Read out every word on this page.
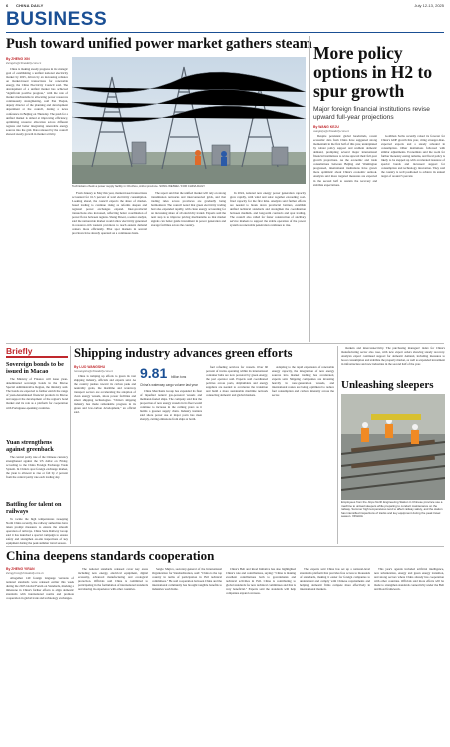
6 CHINA DAILY	July 12-13, 2025
BUSINESS
Push toward unified power market gathers steam
By ZHENG XIN
zhengxin@chinadaily.com.cn

China is making steady progress in its strategic goal of establishing a unified national electricity market by 2025, driven by an increasing reliance on market-based transactions for renewable energy, the China Electricity Council said. The development of a unified market has achieved "significant positive progress," with the role of market mechanisms in allocating power resources continuously strengthening, said Pan Yuejun, deputy director of the planning and development department at the council, during a news conference in Beijing on Thursday. The push for a unified market is aimed at improving efficiency, optimizing resource allocation across different regions and better integrating renewable energy sources into the grid. Data released by the council showed steady growth in market activity.

Technicians check a power supply facility in Chuzhou, Anhui province. SONG WEIWEI / FOR CHINA DAILY

From January to May this year, market-based transactions accounted for 61.5 percent of total electricity consumption. Looking ahead, the council expects the share of market-based trading to continue rising as reforms deepen and regional power exchanges expand. Inter-provincial transactions also increased, reflecting better coordination of power flows between regions. Shang Dawei, a senior analyst, said the nationwide market would allow electricity generated in resource-rich western provinces to reach eastern demand centers more efficiently. Pilot spot markets in several provinces have already operated on a continuous basis.

The report said that the unified market will rely on strong transmission networks and interconnected grids, and that trading rules across provinces are gradually being harmonized. The council noted that green electricity trading had also expanded rapidly, with clean energy accounting for an increasing share of all electricity traded. Experts said the next step is to improve pricing mechanisms so that market signals can better guide investment in power generation and storage facilities across the country.

In 2024, national new energy power generation capacity grew rapidly, with wind and solar together exceeding coal-fired capacity for the first time. Analysts said further efforts are needed to break down provincial barriers, establish unified technical standards and strengthen the coordination between medium- and long-term contracts and spot trading. The council also called for faster construction of ancillary service markets to support the stable operation of the power system as renewable penetration continues to rise.

More policy options in H2 to spur growth
Major foreign financial institutions revise upward full-year projections
By WANG KEJU
wangkeju@chinadaily.com.cn

Despite persistent global headwinds, recent economic data from China have suggested strong momentum in the first half of this year, underpinned by robust policy support and resilient domestic demand, prompting several major international financial institutions to revise upward their full-year growth projections. As the economic and trade consultations between Beijing and Washington progressed, international institutions have grown more optimistic about China's economic outlook. Analysts said more targeted measures are expected in the second half to sustain the recovery and stabilize expectations.

Goldman Sachs recently raised its forecast for China's GDP growth this year, citing stronger-than-expected exports and a steady rebound in consumption. Other institutions followed with similar adjustments. Economists said the room for further monetary easing remains, and fiscal policy is likely to be stepped up with accelerated issuance of special bonds and increased support for consumption and technology innovation. They said the country is well positioned to achieve its annual target of around 5 percent.

Briefly
Sovereign bonds to be issued in Macao

The Ministry of Finance will issue yuan-denominated sovereign bonds in the Macao Special Administrative Region, the ministry said. The bonds are expected to further enrich the range of yuan-denominated financial products in Macao and support the development of the region's bond market and its role as a platform for cooperation with Portuguese-speaking countries.

Yuan strengthens against greenback

The central parity rate of the Chinese currency strengthened against the US dollar on Friday, according to the China Foreign Exchange Trade System. In China's spot foreign exchange market, the yuan is allowed to rise or fall by 2 percent from the central parity rate each trading day.

Battling for talent on railways

To tackle the high temperatures sweeping North China recently, the railway authorities have taken prompt measures to ensure the smooth operation of railways. China State Railway Group said it has launched a special campaign to ensure safety and strengthen on-site inspections of key equipment during the peak summer travel season.

Shipping industry advances green efforts
By LUO WANGSHU
luowangshu@chinadaily.com.cn

China is ramping up efforts to green its vast shipping industry, officials and experts said. As the country pushes toward its carbon peak and neutrality goals, the maritime and waterway transport sectors are accelerating the adoption of clean energy vessels, shore power facilities and smart shipping technologies. "China's shipping industry has made remarkable progress in its green and low-carbon development," an official said.

9.81 billion tons
China's waterway cargo volume last year

China Merchants Group has expanded its fleet of liquefied natural gas-powered vessels and methanol-fueled ships. The company said that the proportion of new energy vessels in its fleet would continue to increase in the coming years as it builds a greener supply chain. Industry insiders said shore power use at major ports has risen sharply, cutting emissions from ships at berth.

fuel refueling services for vessels. Over 60 percent of trucks operating within its international container hubs are now powered by green energy, the port operator said. Experts said coordinated policies across ports, shipbuilders and energy suppliers are needed to accelerate the transition and build a more sustainable maritime network connecting domestic and global markets.

Adapting to the rapid expansion of renewable energy capacity, the integration of new energy sources into market trading has accelerated, experts said. Shipping companies are investing heavily in new-generation vessels, and international routes are being optimized to reduce fuel consumption and carbon intensity across the sector.

markets and interconnectivity. The purchasing managers' index for China's manufacturing sector also rose, with new export orders showing steady recovery. Analysts expect continued support for domestic demand, including measures to boost consumption and stabilize the property market, as well as expanded investment in infrastructure and new industries in the second half of the year.

Unleashing sleepers
Employees from the Jinpu North Engineering Station in Chinese province use a machine to unload sleepers while preparing to conduct maintenance on the railway. Summer high temperatures tend to affect railway safety, and the station has intensified inspections of tracks and key equipment during the peak travel season. XINHUA
China deepens standards cooperation
By ZHENG YIRAN
zhengyiran@chinadaily.com.cn

Altogether 140 foreign language versions of national standards were released earlier this week during the 2025 Global Forum on Standards, marking a milestone in China's further efforts to align domestic standards with international norms and promote cooperation in global trade and technology exchanges.

The national standards released cover key areas including new energy, electrical equipment, digital economy, advanced manufacturing and ecological protection. Officials said China is committed to participating in the formulation of international standards and sharing its experience with other countries.

Sergio Mujica, secretary-general of the International Organization for Standardization, said: "China is the top country in terms of participation in ISO technical committees." He said cooperation between China and the international community has brought tangible benefits to industries worldwide.

China's Belt and Road Initiative has also highlighted China's role and contributions, saying: "China is making excellent contributions both to governments and technical activities in ISO. China is contributing to global standards for new technical committees and that is very beneficial." Experts said the standards will help companies expand overseas.

The experts said China has set up a national-level standards platform that provides free access to thousands of standards, making it easier for foreign companies to understand and comply with Chinese requirements and helping domestic firms compete more effectively in international markets.

This year's agenda included artificial intelligence, new urbanization, energy and green energy transition, and strong sectors where China already has cooperation with other countries. Officials said more efforts will be made to strengthen standards connectivity under the Belt and Road framework.
